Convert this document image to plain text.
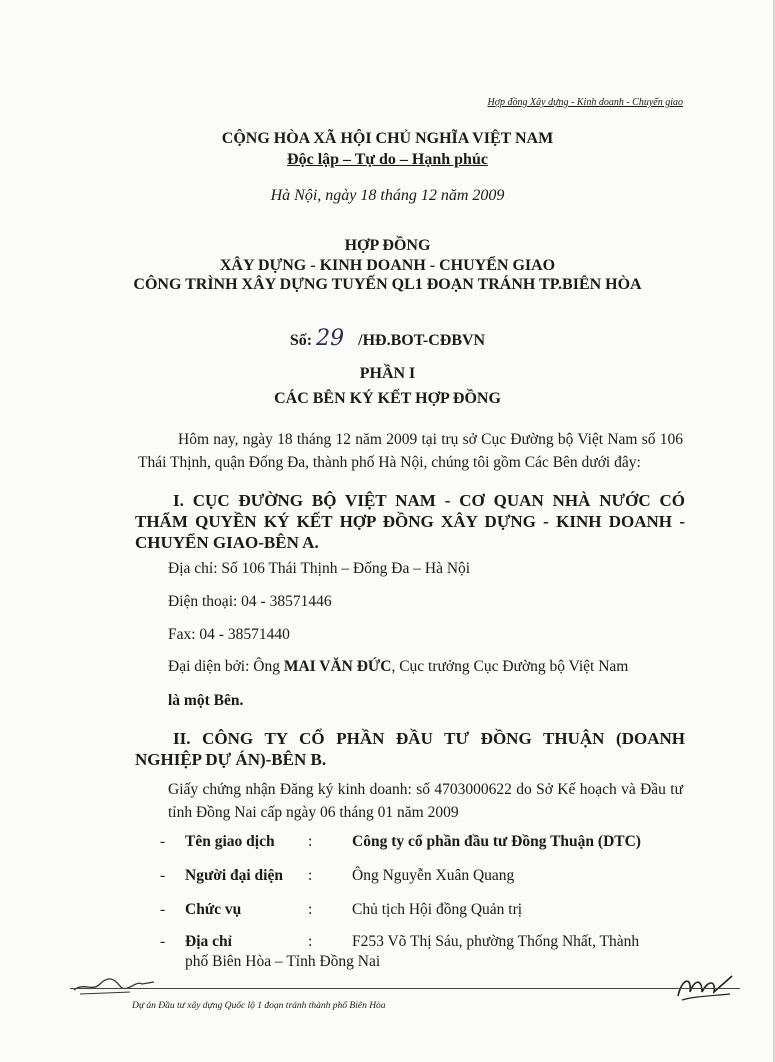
Hợp đồng Xây dựng - Kinh doanh - Chuyển giao
CỘNG HÒA XÃ HỘI CHỦ NGHĨA VIỆT NAM
Độc lập – Tự do – Hạnh phúc
Hà Nội, ngày 18 tháng 12 năm 2009
HỢP ĐỒNG
XÂY DỰNG - KINH DOANH - CHUYỂN GIAO
CÔNG TRÌNH XÂY DỰNG TUYẾN QL1 ĐOẠN TRÁNH TP.BIÊN HÒA
Số: 29 /HĐ.BOT-CĐBVN
PHẦN I
CÁC BÊN KÝ KẾT HỢP ĐỒNG
Hôm nay, ngày 18 tháng 12 năm 2009 tại trụ sở Cục Đường bộ Việt Nam số 106 Thái Thịnh, quận Đống Đa, thành phố Hà Nội, chúng tôi gồm Các Bên dưới đây:
I. CỤC ĐƯỜNG BỘ VIỆT NAM - CƠ QUAN NHÀ NƯỚC CÓ THẨM QUYỀN KÝ KẾT HỢP ĐỒNG XÂY DỰNG - KINH DOANH - CHUYỂN GIAO-BÊN A.
Địa chỉ: Số 106 Thái Thịnh – Đống Đa – Hà Nội
Điện thoại: 04 - 38571446
Fax: 04 - 38571440
Đại diện bởi: Ông MAI VĂN ĐỨC, Cục trưởng Cục Đường bộ Việt Nam
là một Bên.
II. CÔNG TY CỔ PHẦN ĐẦU TƯ ĐỒNG THUẬN (DOANH NGHIỆP DỰ ÁN)-BÊN B.
Giấy chứng nhận Đăng ký kinh doanh: số 4703000622 do Sở Kế hoạch và Đầu tư tỉnh Đồng Nai cấp ngày 06 tháng 01 năm 2009
- Tên giao dịch :	Công ty cổ phần đầu tư Đồng Thuận (DTC)
- Người đại diện :	Ông Nguyễn Xuân Quang
- Chức vụ	:	Chủ tịch Hội đồng Quản trị
- Địa chỉ	:	F253 Võ Thị Sáu, phường Thống Nhất, Thành
phố Biên Hòa – Tỉnh Đồng Nai
Dự án Đầu tư xây dựng Quốc lộ 1 đoạn tránh thành phố Biên Hòa
